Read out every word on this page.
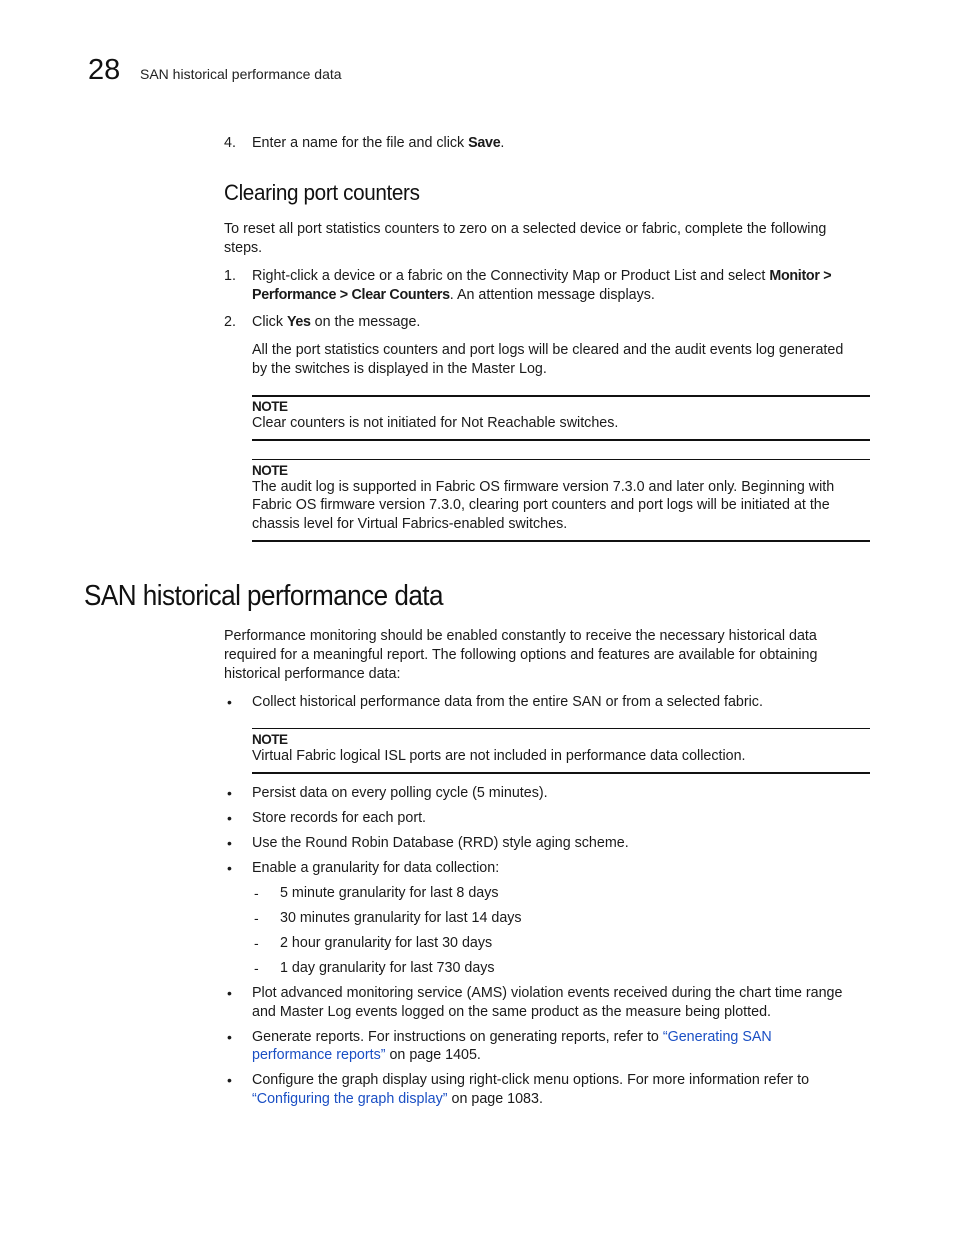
28 SAN historical performance data
4. Enter a name for the file and click Save.
Clearing port counters
To reset all port statistics counters to zero on a selected device or fabric, complete the following
steps.
1. Right-click a device or a fabric on the Connectivity Map or Product List and select Monitor >
Performance > Clear Counters. An attention message displays.
2. Click Yes on the message.
All the port statistics counters and port logs will be cleared and the audit events log generated
by the switches is displayed in the Master Log.
NOTE
Clear counters is not initiated for Not Reachable switches.
NOTE
The audit log is supported in Fabric OS firmware version 7.3.0 and later only. Beginning with
Fabric OS firmware version 7.3.0, clearing port counters and port logs will be initiated at the
chassis level for Virtual Fabrics-enabled switches.
SAN historical performance data
Performance monitoring should be enabled constantly to receive the necessary historical data
required for a meaningful report. The following options and features are available for obtaining
historical performance data:
• Collect historical performance data from the entire SAN or from a selected fabric.
NOTE
Virtual Fabric logical ISL ports are not included in performance data collection.
• Persist data on every polling cycle (5 minutes).
• Store records for each port.
• Use the Round Robin Database (RRD) style aging scheme.
• Enable a granularity for data collection:
- 5 minute granularity for last 8 days
- 30 minutes granularity for last 14 days
- 2 hour granularity for last 30 days
- 1 day granularity for last 730 days
• Plot advanced monitoring service (AMS) violation events received during the chart time range
and Master Log events logged on the same product as the measure being plotted.
• Generate reports. For instructions on generating reports, refer to “Generating SAN
performance reports” on page 1405.
• Configure the graph display using right-click menu options. For more information refer to
“Configuring the graph display” on page 1083.
